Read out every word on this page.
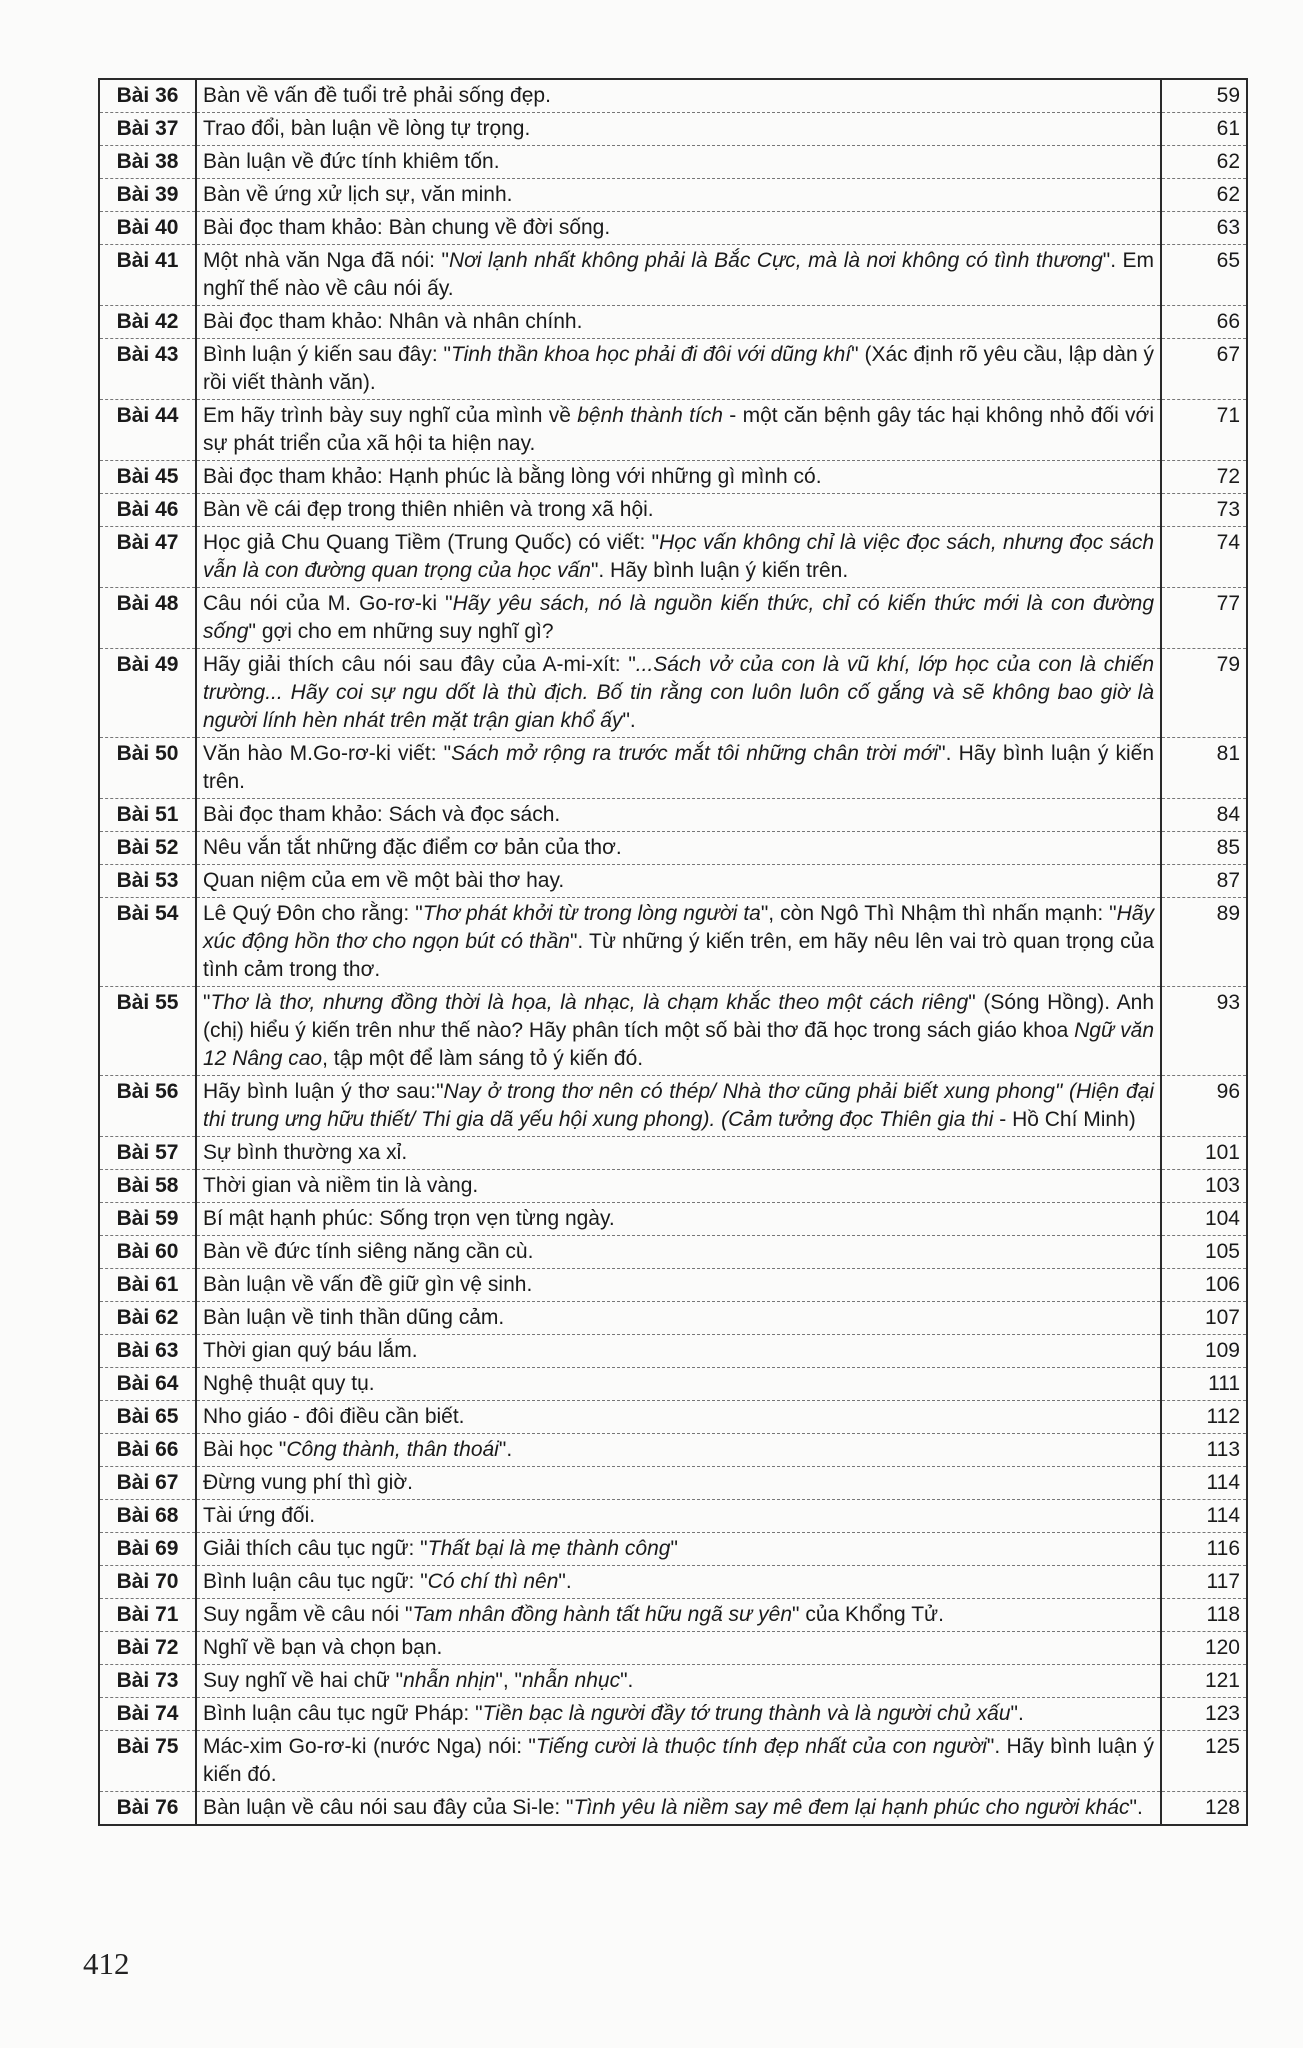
Bài 36	Bàn về vấn đề tuổi trẻ phải sống đẹp.	59
Bài 37	Trao đổi, bàn luận về lòng tự trọng.	61
Bài 38	Bàn luận về đức tính khiêm tốn.	62
Bài 39	Bàn về ứng xử lịch sự, văn minh.	62
Bài 40	Bài đọc tham khảo: Bàn chung về đời sống.	63
Bài 41	Một nhà văn Nga đã nói: "Nơi lạnh nhất không phải là Bắc Cực, mà là nơi không có tình thương". Em nghĩ thế nào về câu nói ấy.	65
Bài 42	Bài đọc tham khảo: Nhân và nhân chính.	66
Bài 43	Bình luận ý kiến sau đây: "Tinh thần khoa học phải đi đôi với dũng khí" (Xác định rõ yêu cầu, lập dàn ý rồi viết thành văn).	67
Bài 44	Em hãy trình bày suy nghĩ của mình về bệnh thành tích - một căn bệnh gây tác hại không nhỏ đối với sự phát triển của xã hội ta hiện nay.	71
Bài 45	Bài đọc tham khảo: Hạnh phúc là bằng lòng với những gì mình có.	72
Bài 46	Bàn về cái đẹp trong thiên nhiên và trong xã hội.	73
Bài 47	Học giả Chu Quang Tiềm (Trung Quốc) có viết: "Học vấn không chỉ là việc đọc sách, nhưng đọc sách vẫn là con đường quan trọng của học vấn". Hãy bình luận ý kiến trên.	74
Bài 48	Câu nói của M. Go-rơ-ki "Hãy yêu sách, nó là nguồn kiến thức, chỉ có kiến thức mới là con đường sống" gợi cho em những suy nghĩ gì?	77
Bài 49	Hãy giải thích câu nói sau đây của A-mi-xít: "...Sách vở của con là vũ khí, lớp học của con là chiến trường... Hãy coi sự ngu dốt là thù địch. Bố tin rằng con luôn luôn cố gắng và sẽ không bao giờ là người lính hèn nhát trên mặt trận gian khổ ấy".	79
Bài 50	Văn hào M.Go-rơ-ki viết: "Sách mở rộng ra trước mắt tôi những chân trời mới". Hãy bình luận ý kiến trên.	81
Bài 51	Bài đọc tham khảo: Sách và đọc sách.	84
Bài 52	Nêu vắn tắt những đặc điểm cơ bản của thơ.	85
Bài 53	Quan niệm của em về một bài thơ hay.	87
Bài 54	Lê Quý Đôn cho rằng: "Thơ phát khởi từ trong lòng người ta", còn Ngô Thì Nhậm thì nhấn mạnh: "Hãy xúc động hồn thơ cho ngọn bút có thần". Từ những ý kiến trên, em hãy nêu lên vai trò quan trọng của tình cảm trong thơ.	89
Bài 55	"Thơ là thơ, nhưng đồng thời là họa, là nhạc, là chạm khắc theo một cách riêng" (Sóng Hồng). Anh (chị) hiểu ý kiến trên như thế nào? Hãy phân tích một số bài thơ đã học trong sách giáo khoa Ngữ văn 12 Nâng cao, tập một để làm sáng tỏ ý kiến đó.	93
Bài 56	Hãy bình luận ý thơ sau:"Nay ở trong thơ nên có thép/ Nhà thơ cũng phải biết xung phong" (Hiện đại thi trung ưng hữu thiết/ Thi gia dã yếu hội xung phong). (Cảm tưởng đọc Thiên gia thi - Hồ Chí Minh)	96
Bài 57	Sự bình thường xa xỉ.	101
Bài 58	Thời gian và niềm tin là vàng.	103
Bài 59	Bí mật hạnh phúc: Sống trọn vẹn từng ngày.	104
Bài 60	Bàn về đức tính siêng năng cần cù.	105
Bài 61	Bàn luận về vấn đề giữ gìn vệ sinh.	106
Bài 62	Bàn luận về tinh thần dũng cảm.	107
Bài 63	Thời gian quý báu lắm.	109
Bài 64	Nghệ thuật quy tụ.	111
Bài 65	Nho giáo - đôi điều cần biết.	112
Bài 66	Bài học "Công thành, thân thoái".	113
Bài 67	Đừng vung phí thì giờ.	114
Bài 68	Tài ứng đối.	114
Bài 69	Giải thích câu tục ngữ: "Thất bại là mẹ thành công"	116
Bài 70	Bình luận câu tục ngữ: "Có chí thì nên".	117
Bài 71	Suy ngẫm về câu nói "Tam nhân đồng hành tất hữu ngã sư yên" của Khổng Tử.	118
Bài 72	Nghĩ về bạn và chọn bạn.	120
Bài 73	Suy nghĩ về hai chữ "nhẫn nhịn", "nhẫn nhục".	121
Bài 74	Bình luận câu tục ngữ Pháp: "Tiền bạc là người đầy tớ trung thành và là người chủ xấu".	123
Bài 75	Mác-xim Go-rơ-ki (nước Nga) nói: "Tiếng cười là thuộc tính đẹp nhất của con người". Hãy bình luận ý kiến đó.	125
Bài 76	Bàn luận về câu nói sau đây của Si-le: "Tình yêu là niềm say mê đem lại hạnh phúc cho người khác".	128
412
